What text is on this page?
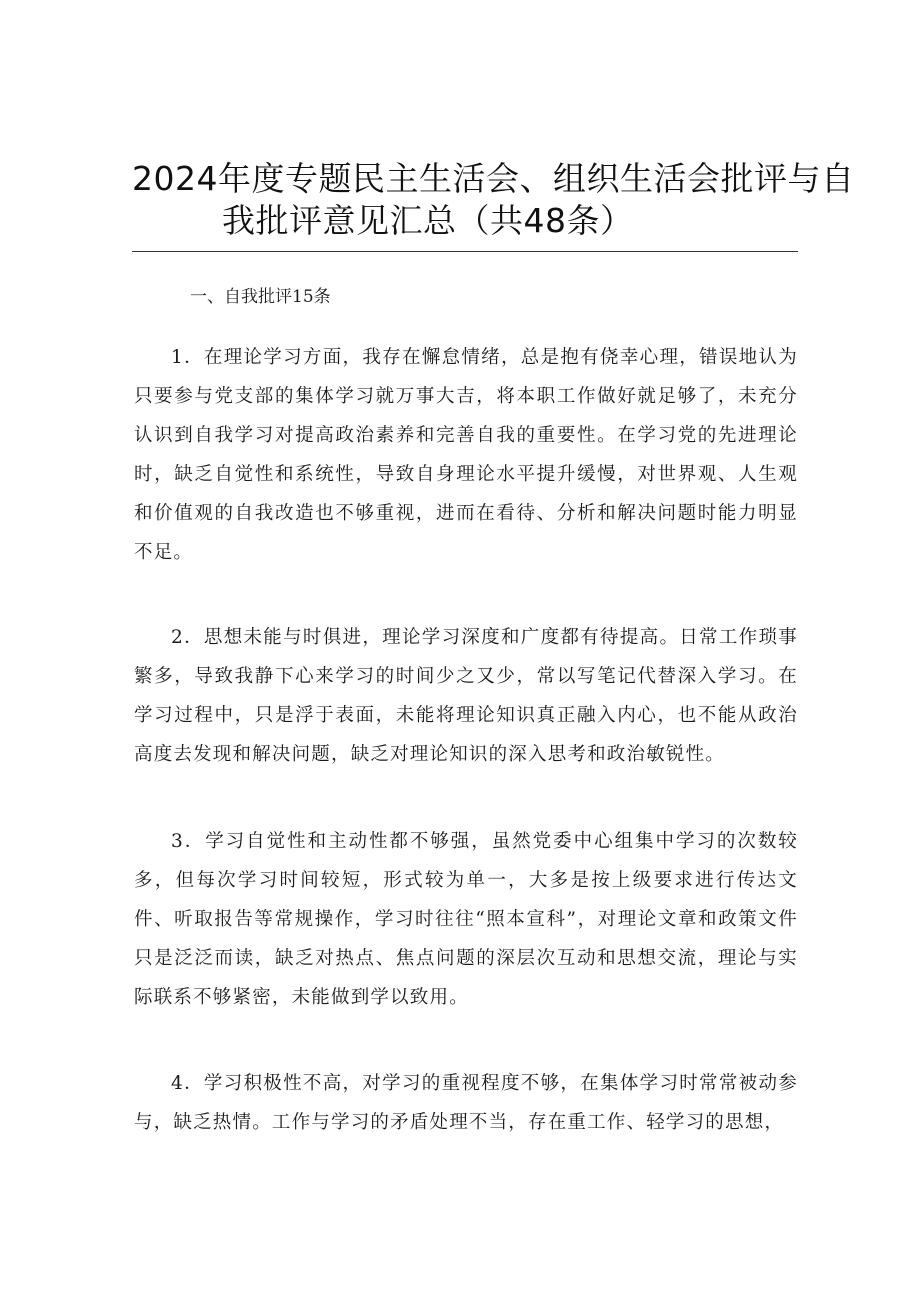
2024年度专题民主生活会、组织生活会批评与自
我批评意见汇总（共48条）
一、自我批评15条

1．在理论学习方面，我存在懈怠情绪，总是抱有侥幸心理，错误地认为只要参与党支部的集体学习就万事大吉，将本职工作做好就足够了，未充分认识到自我学习对提高政治素养和完善自我的重要性。在学习党的先进理论时，缺乏自觉性和系统性，导致自身理论水平提升缓慢，对世界观、人生观和价值观的自我改造也不够重视，进而在看待、分析和解决问题时能力明显不足。

2．思想未能与时俱进，理论学习深度和广度都有待提高。日常工作琐事繁多，导致我静下心来学习的时间少之又少，常以写笔记代替深入学习。在学习过程中，只是浮于表面，未能将理论知识真正融入内心，也不能从政治高度去发现和解决问题，缺乏对理论知识的深入思考和政治敏锐性。

3．学习自觉性和主动性都不够强，虽然党委中心组集中学习的次数较多，但每次学习时间较短，形式较为单一，大多是按上级要求进行传达文件、听取报告等常规操作，学习时往往“照本宣科”，对理论文章和政策文件只是泛泛而读，缺乏对热点、焦点问题的深层次互动和思想交流，理论与实际联系不够紧密，未能做到学以致用。

4．学习积极性不高，对学习的重视程度不够，在集体学习时常常被动参与，缺乏热情。工作与学习的矛盾处理不当，存在重工作、轻学习的思想，
